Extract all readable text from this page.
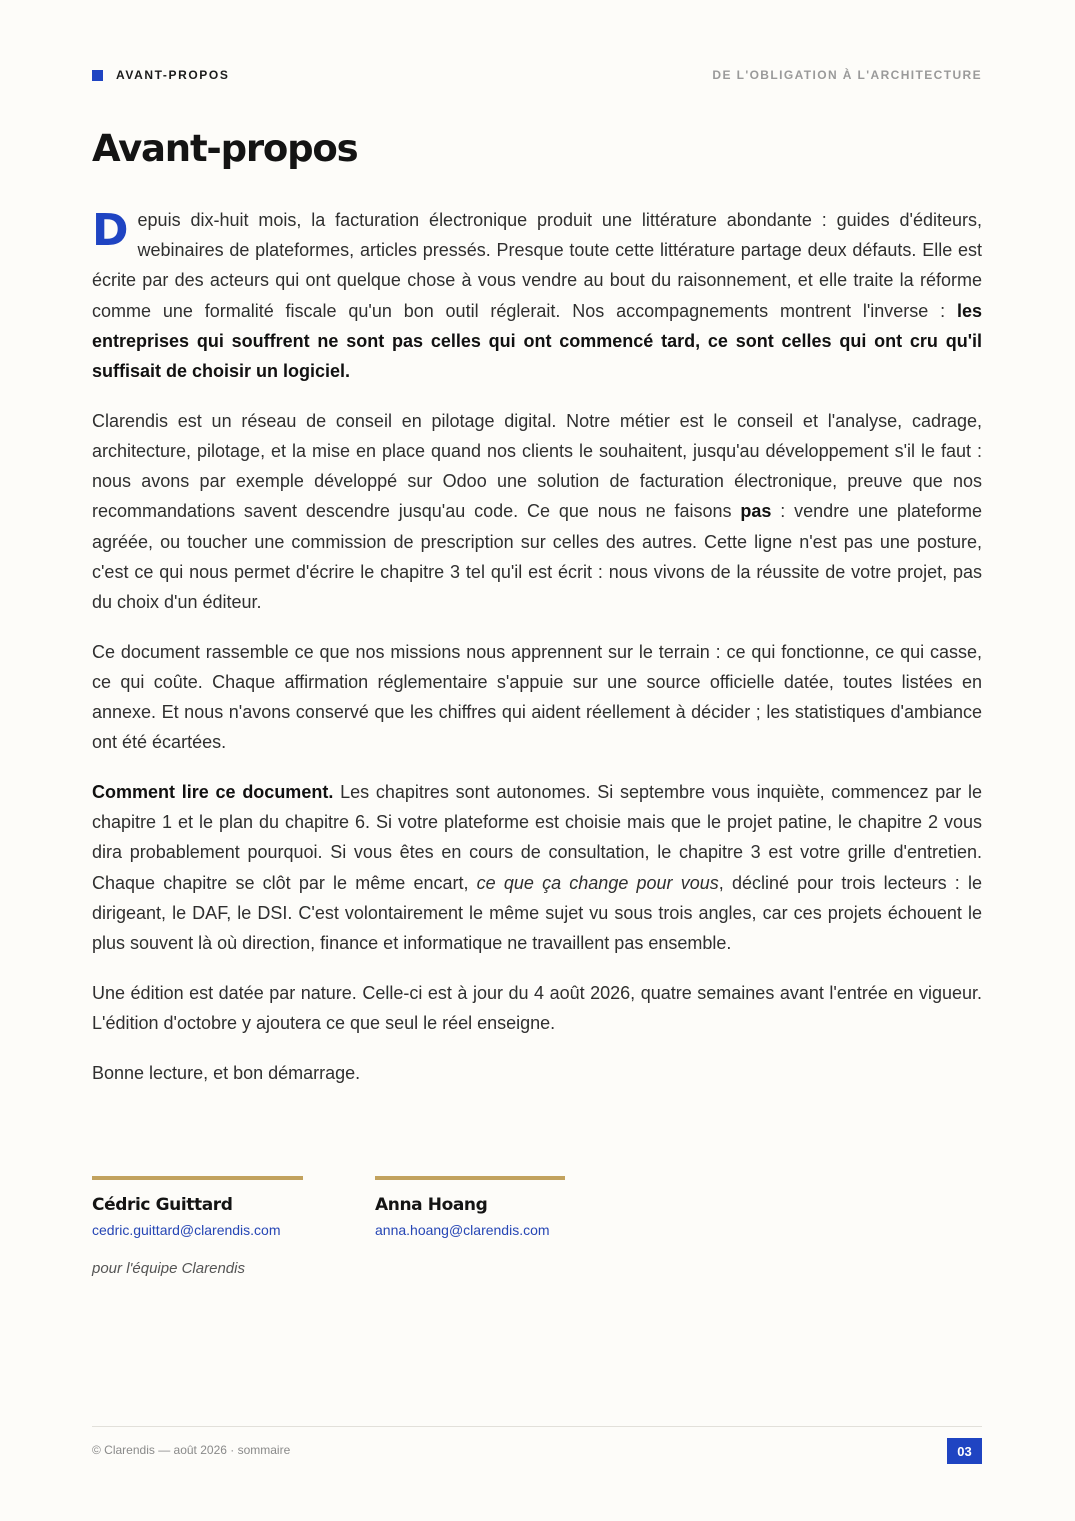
AVANT-PROPOS	DE L'OBLIGATION À L'ARCHITECTURE
Avant-propos

Depuis dix-huit mois, la facturation électronique produit une littérature abondante : guides d'éditeurs, webinaires de plateformes, articles pressés. Presque toute cette littérature partage deux défauts. Elle est écrite par des acteurs qui ont quelque chose à vous vendre au bout du raisonnement, et elle traite la réforme comme une formalité fiscale qu'un bon outil réglerait. Nos accompagnements montrent l'inverse : les entreprises qui souffrent ne sont pas celles qui ont commencé tard, ce sont celles qui ont cru qu'il suffisait de choisir un logiciel.

Clarendis est un réseau de conseil en pilotage digital. Notre métier est le conseil et l'analyse, cadrage, architecture, pilotage, et la mise en place quand nos clients le souhaitent, jusqu'au développement s'il le faut : nous avons par exemple développé sur Odoo une solution de facturation électronique, preuve que nos recommandations savent descendre jusqu'au code. Ce que nous ne faisons pas : vendre une plateforme agréée, ou toucher une commission de prescription sur celles des autres. Cette ligne n'est pas une posture, c'est ce qui nous permet d'écrire le chapitre 3 tel qu'il est écrit : nous vivons de la réussite de votre projet, pas du choix d'un éditeur.

Ce document rassemble ce que nos missions nous apprennent sur le terrain : ce qui fonctionne, ce qui casse, ce qui coûte. Chaque affirmation réglementaire s'appuie sur une source officielle datée, toutes listées en annexe. Et nous n'avons conservé que les chiffres qui aident réellement à décider ; les statistiques d'ambiance ont été écartées.

Comment lire ce document. Les chapitres sont autonomes. Si septembre vous inquiète, commencez par le chapitre 1 et le plan du chapitre 6. Si votre plateforme est choisie mais que le projet patine, le chapitre 2 vous dira probablement pourquoi. Si vous êtes en cours de consultation, le chapitre 3 est votre grille d'entretien. Chaque chapitre se clôt par le même encart, ce que ça change pour vous, décliné pour trois lecteurs : le dirigeant, le DAF, le DSI. C'est volontairement le même sujet vu sous trois angles, car ces projets échouent le plus souvent là où direction, finance et informatique ne travaillent pas ensemble.

Une édition est datée par nature. Celle-ci est à jour du 4 août 2026, quatre semaines avant l'entrée en vigueur. L'édition d'octobre y ajoutera ce que seul le réel enseigne.

Bonne lecture, et bon démarrage.

Cédric Guittard
cedric.guittard@clarendis.com
Anna Hoang
anna.hoang@clarendis.com
pour l'équipe Clarendis
© Clarendis — août 2026 · sommaire	03
